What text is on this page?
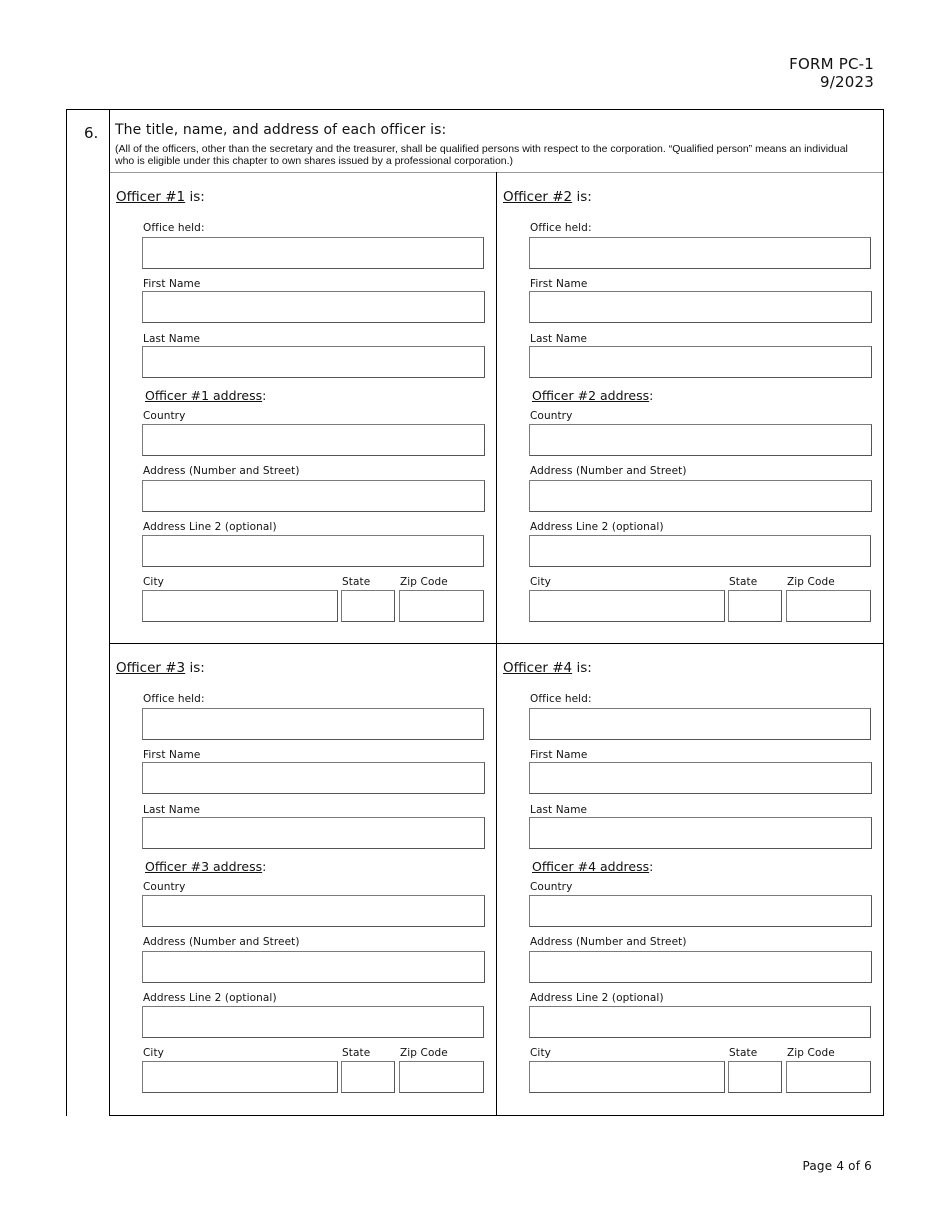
FORM PC-1
9/2023
6. The title, name, and address of each officer is:
(All of the officers, other than the secretary and the treasurer, shall be qualified persons with respect to the corporation. “Qualified person” means an individual who is eligible under this chapter to own shares issued by a professional corporation.)
Officer #1 is:
Office held:
First Name
Last Name
Officer #1 address:
Country
Address (Number and Street)
Address Line 2 (optional)
City	State	Zip Code
Officer #2 is:
Office held:
First Name
Last Name
Officer #2 address:
Country
Address (Number and Street)
Address Line 2 (optional)
City	State	Zip Code
Officer #3 is:
Office held:
First Name
Last Name
Officer #3 address:
Country
Address (Number and Street)
Address Line 2 (optional)
City	State	Zip Code
Officer #4 is:
Office held:
First Name
Last Name
Officer #4 address:
Country
Address (Number and Street)
Address Line 2 (optional)
City	State	Zip Code
Page 4 of 6
